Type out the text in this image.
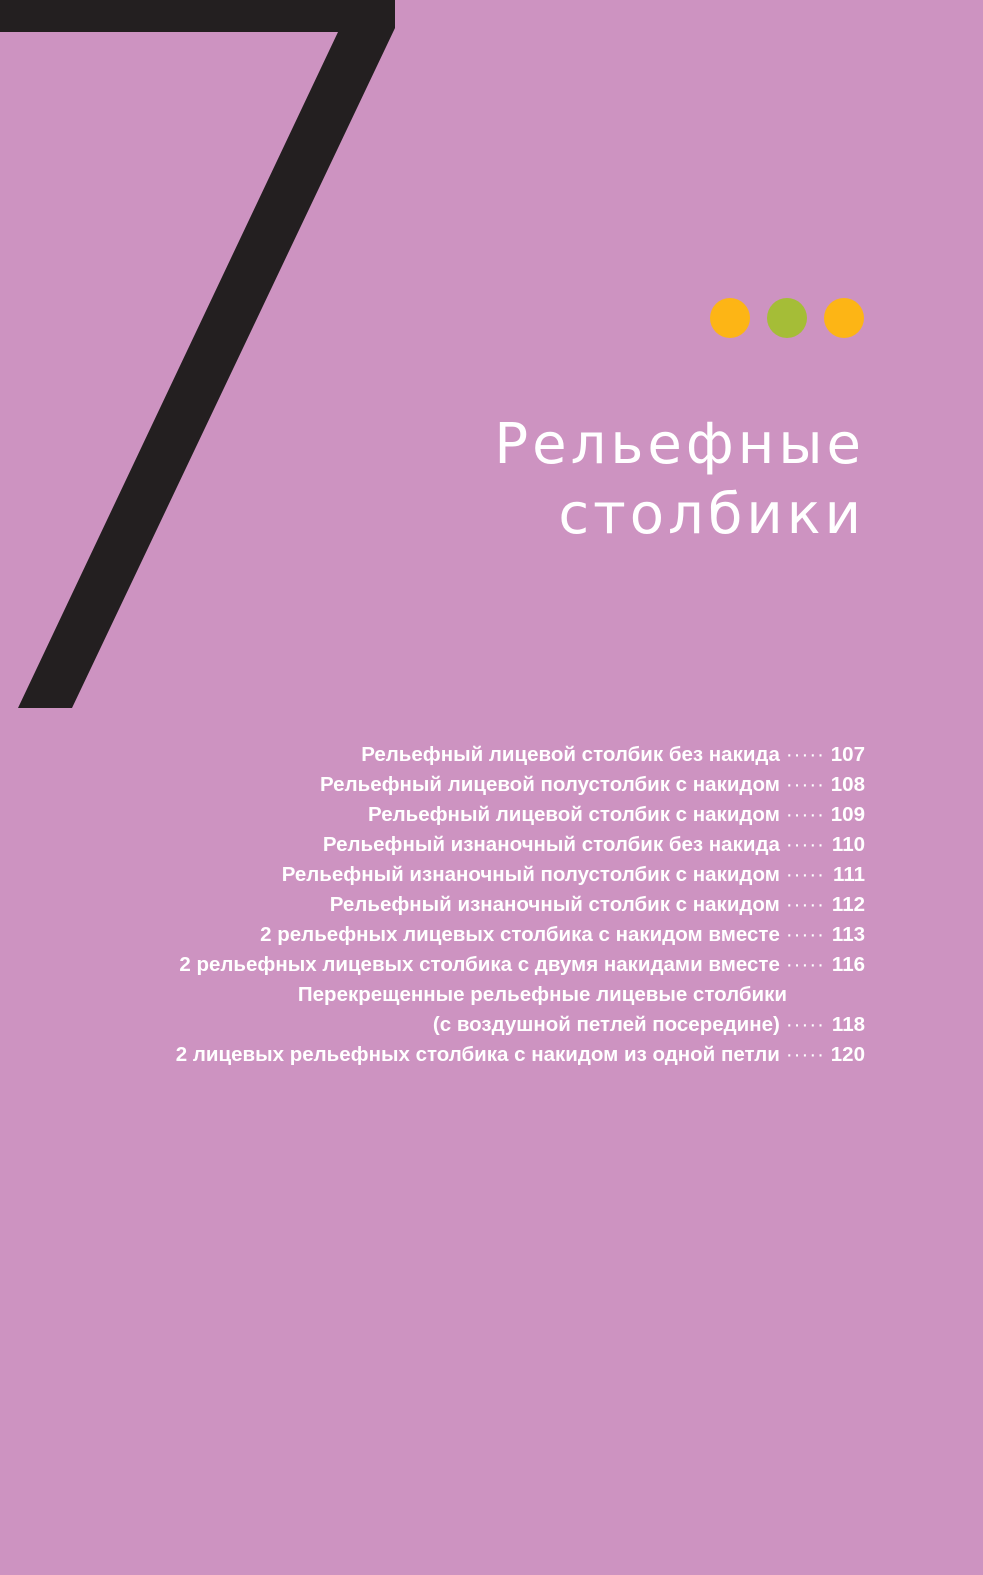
Рельефные
столбики
Рельефный лицевой столбик без накида ····· 107
Рельефный лицевой полустолбик с накидом ····· 108
Рельефный лицевой столбик с накидом ····· 109
Рельефный изнаночный столбик без накида ····· 110
Рельефный изнаночный полустолбик с накидом ····· 111
Рельефный изнаночный столбик с накидом ····· 112
2 рельефных лицевых столбика с накидом вместе ····· 113
2 рельефных лицевых столбика с двумя накидами вместе ····· 116
Перекрещенные рельефные лицевые столбики
(с воздушной петлей посередине) ····· 118
2 лицевых рельефных столбика с накидом из одной петли ····· 120
